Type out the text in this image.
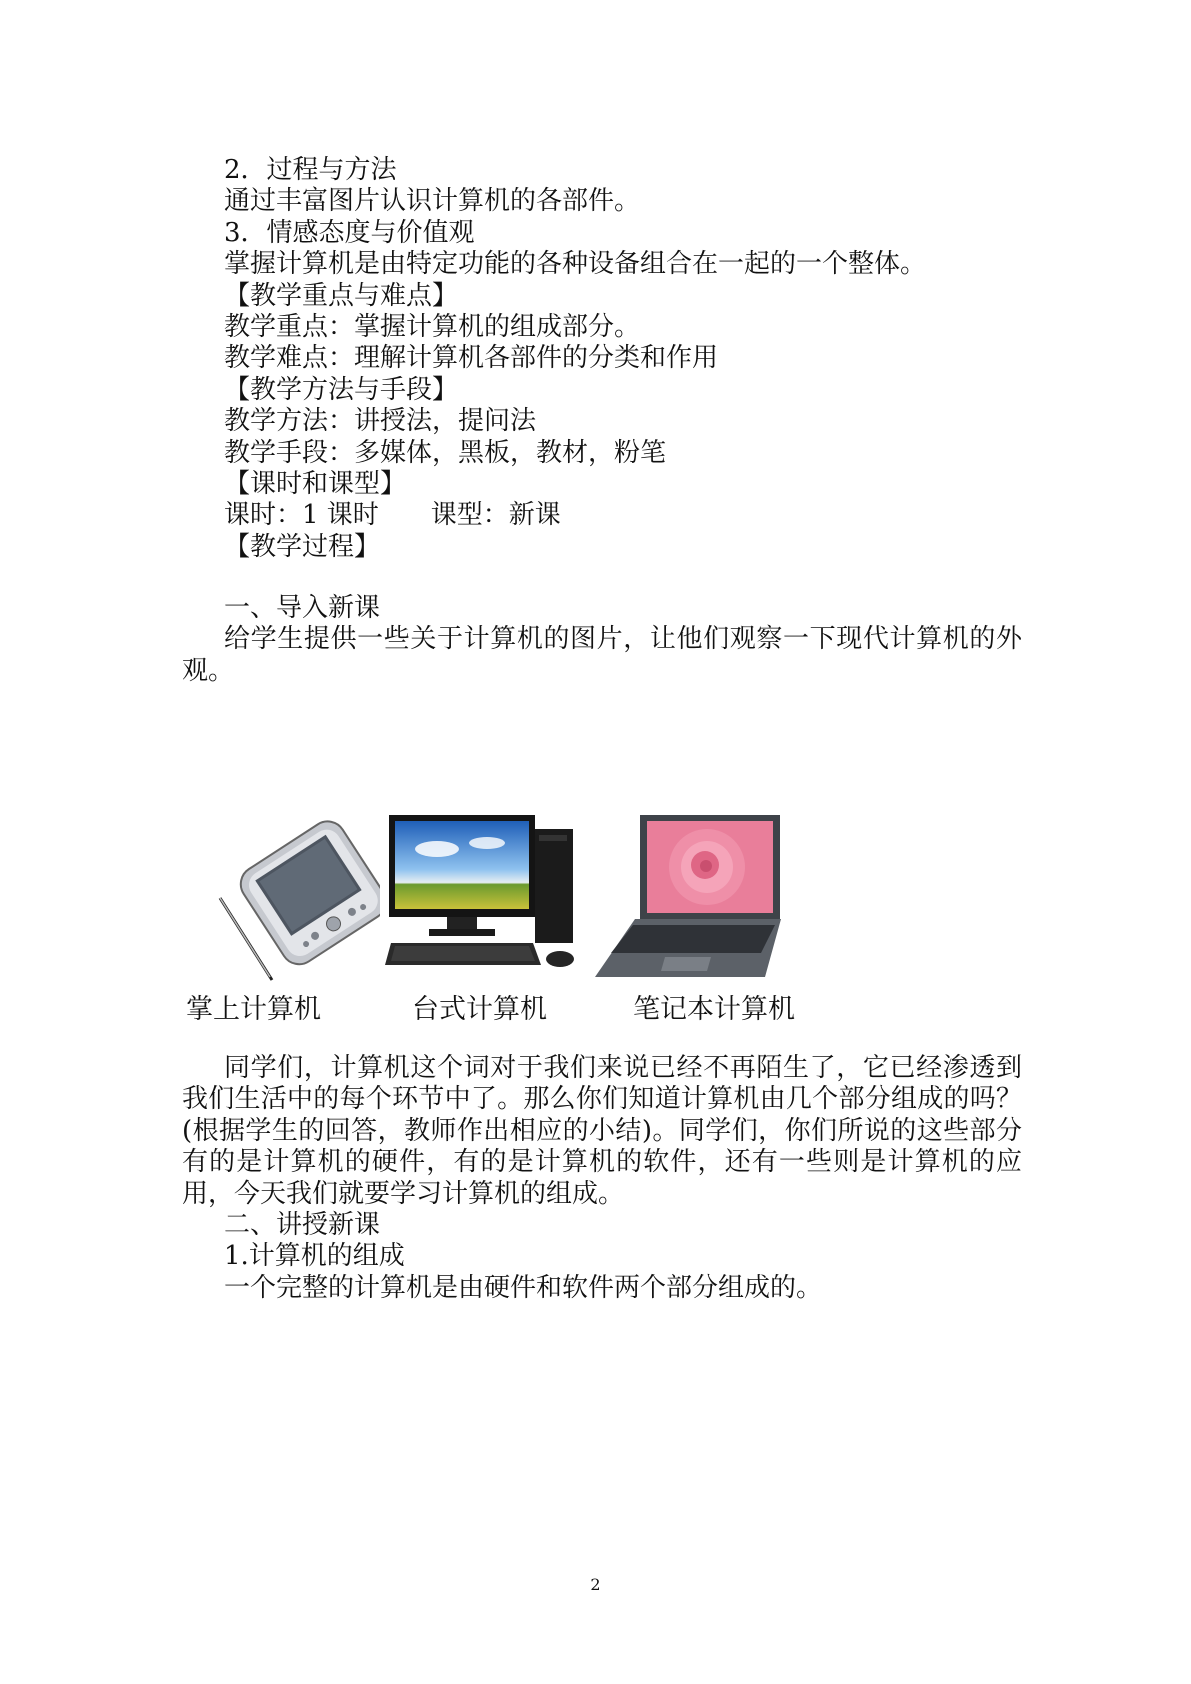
2．过程与方法
通过丰富图片认识计算机的各部件。
3．情感态度与价值观
掌握计算机是由特定功能的各种设备组合在一起的一个整体。
【教学重点与难点】
教学重点：掌握计算机的组成部分。
教学难点：理解计算机各部件的分类和作用
【教学方法与手段】
教学方法：讲授法，提问法
教学手段：多媒体，黑板，教材，粉笔
【课时和课型】
课时：1 课时　　课型：新课
【教学过程】
一、导入新课
给学生提供一些关于计算机的图片，让他们观察一下现代计算机的外观。
掌上计算机	台式计算机	笔记本计算机
同学们，计算机这个词对于我们来说已经不再陌生了，它已经渗透到我们生活中的每个环节中了。那么你们知道计算机由几个部分组成的吗？(根据学生的回答，教师作出相应的小结)。同学们，你们所说的这些部分有的是计算机的硬件，有的是计算机的软件，还有一些则是计算机的应用，今天我们就要学习计算机的组成。
二、讲授新课
1.计算机的组成
一个完整的计算机是由硬件和软件两个部分组成的。
2
